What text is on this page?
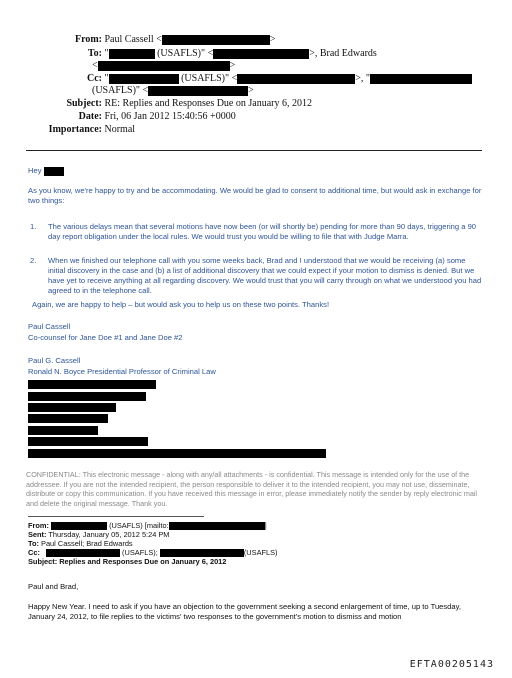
From: Paul Cassell <	>
To: "	(USAFLS)" <	>, Brad Edwards
<	>
Cc: "	(USAFLS)" <	>, "
(USAFLS)" <	>
Subject: RE: Replies and Responses Due on January 6, 2012
Date: Fri, 06 Jan 2012 15:40:56 +0000
Importance: Normal
Hey
As you know, we're happy to try and be accommodating. We would be glad to consent to additional time, but would ask in exchange for two things:
1. The various delays mean that several motions have now been (or will shortly be) pending for more than 90 days, triggering a 90 day report obligation under the local rules. We would trust you would be willing to file that with Judge Marra.
2. When we finished our telephone call with you some weeks back, Brad and I understood that we would be receiving (a) some initial discovery in the case and (b) a list of additional discovery that we could expect if your motion to dismiss is denied. But we have yet to receive anything at all regarding discovery. We would trust that you will carry through on what we understood you had agreed to in the telephone call.
Again, we are happy to help – but would ask you to help us on these two points. Thanks!
Paul Cassell
Co-counsel for Jane Doe #1 and Jane Doe #2
Paul G. Cassell
Ronald N. Boyce Presidential Professor of Criminal Law
CONFIDENTIAL: This electronic message - along with any/all attachments - is confidential. This message is intended only for the use of the addressee. If you are not the intended recipient, the person responsible to deliver it to the intended recipient, you may not use, disseminate, distribute or copy this communication. If you have received this message in error, please immediately notify the sender by reply electronic mail and delete the original message. Thank you.
From:	(USAFLS) [mailto:	]
Sent: Thursday, January 05, 2012 5:24 PM
To: Paul Cassell; Brad Edwards
Cc:	(USAFLS);	(USAFLS)
Subject: Replies and Responses Due on January 6, 2012
Paul and Brad,
Happy New Year. I need to ask if you have an objection to the government seeking a second enlargement of time, up to Tuesday, January 24, 2012, to file replies to the victims' two responses to the government's motion to dismiss and motion
EFTA00205143
